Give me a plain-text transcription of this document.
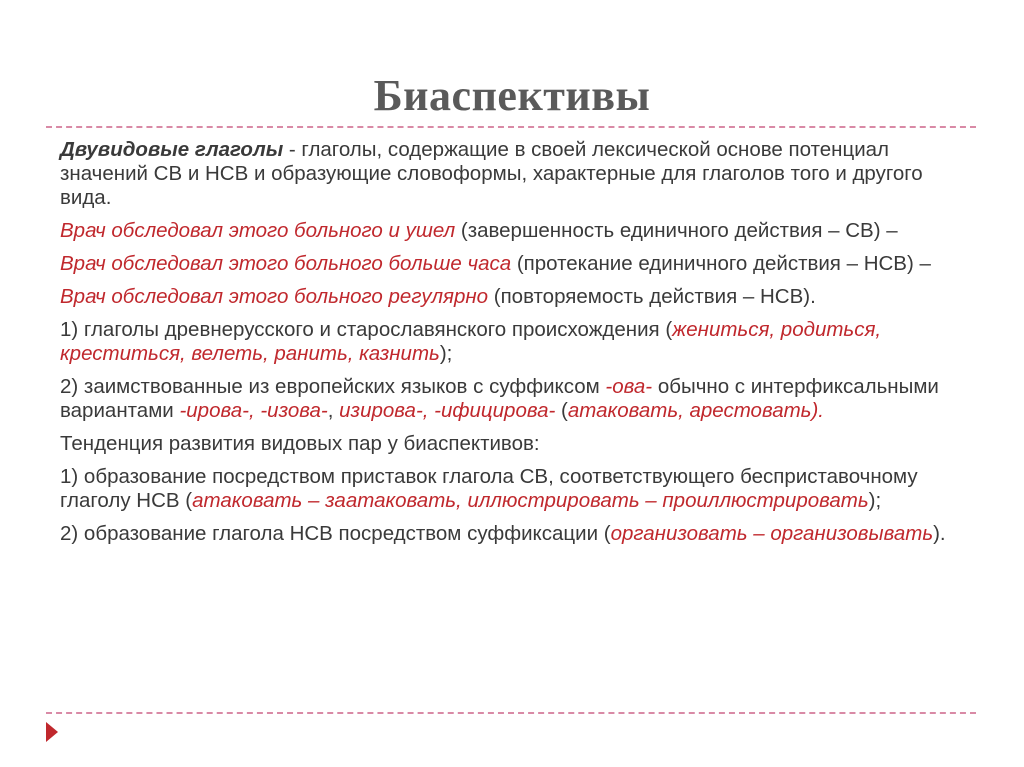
Биаспективы

Двувидовые глаголы - глаголы, содержащие в своей лексической основе потенциал значений СВ и НСВ и образующие словоформы, характерные для глаголов того и другого вида.

Врач обследовал этого больного и ушел (завершенность единичного действия – СВ) –

Врач обследовал этого больного больше часа (протекание единичного действия – НСВ) –

Врач обследовал этого больного регулярно (повторяемость действия – НСВ).

1) глаголы древнерусского и старославянского происхождения (жениться, родиться, креститься, велеть, ранить, казнить);

2) заимствованные из европейских языков с суффиксом -ова- обычно с интерфиксальными вариантами -ирова-, -изова-, изирова-, -ифицирова- (атаковать, арестовать).

Тенденция развития видовых пар у биаспективов:

1) образование посредством приставок глагола СВ, соответствующего бесприставочному глаголу НСВ (атаковать – заатаковать, иллюстрировать – проиллюстрировать);

2) образование глагола НСВ посредством суффиксации (организовать – организовывать).
